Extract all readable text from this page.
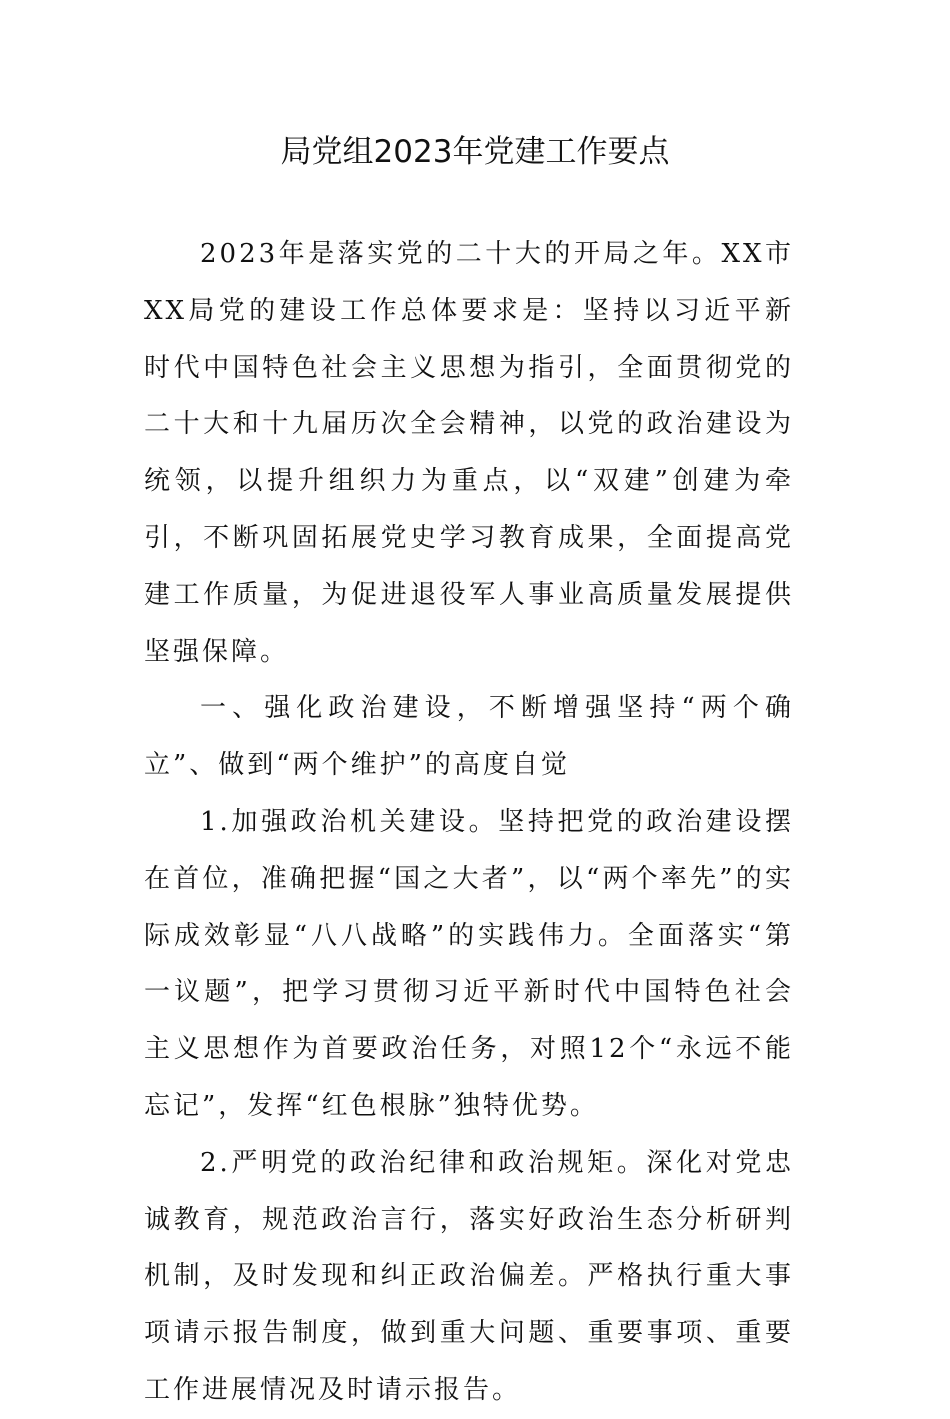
局党组2023年党建工作要点

2023年是落实党的二十大的开局之年。XX市XX局党的建设工作总体要求是：坚持以习近平新时代中国特色社会主义思想为指引，全面贯彻党的二十大和十九届历次全会精神，以党的政治建设为统领，以提升组织力为重点，以“双建”创建为牵引，不断巩固拓展党史学习教育成果，全面提高党建工作质量，为促进退役军人事业高质量发展提供坚强保障。

一、强化政治建设，不断增强坚持“两个确立”、做到“两个维护”的高度自觉

1.加强政治机关建设。坚持把党的政治建设摆在首位，准确把握“国之大者”，以“两个率先”的实际成效彰显“八八战略”的实践伟力。全面落实“第一议题”，把学习贯彻习近平新时代中国特色社会主义思想作为首要政治任务，对照12个“永远不能忘记”，发挥“红色根脉”独特优势。

2.严明党的政治纪律和政治规矩。深化对党忠诚教育，规范政治言行，落实好政治生态分析研判机制，及时发现和纠正政治偏差。严格执行重大事项请示报告制度，做到重大问题、重要事项、重要工作进展情况及时请示报告。
